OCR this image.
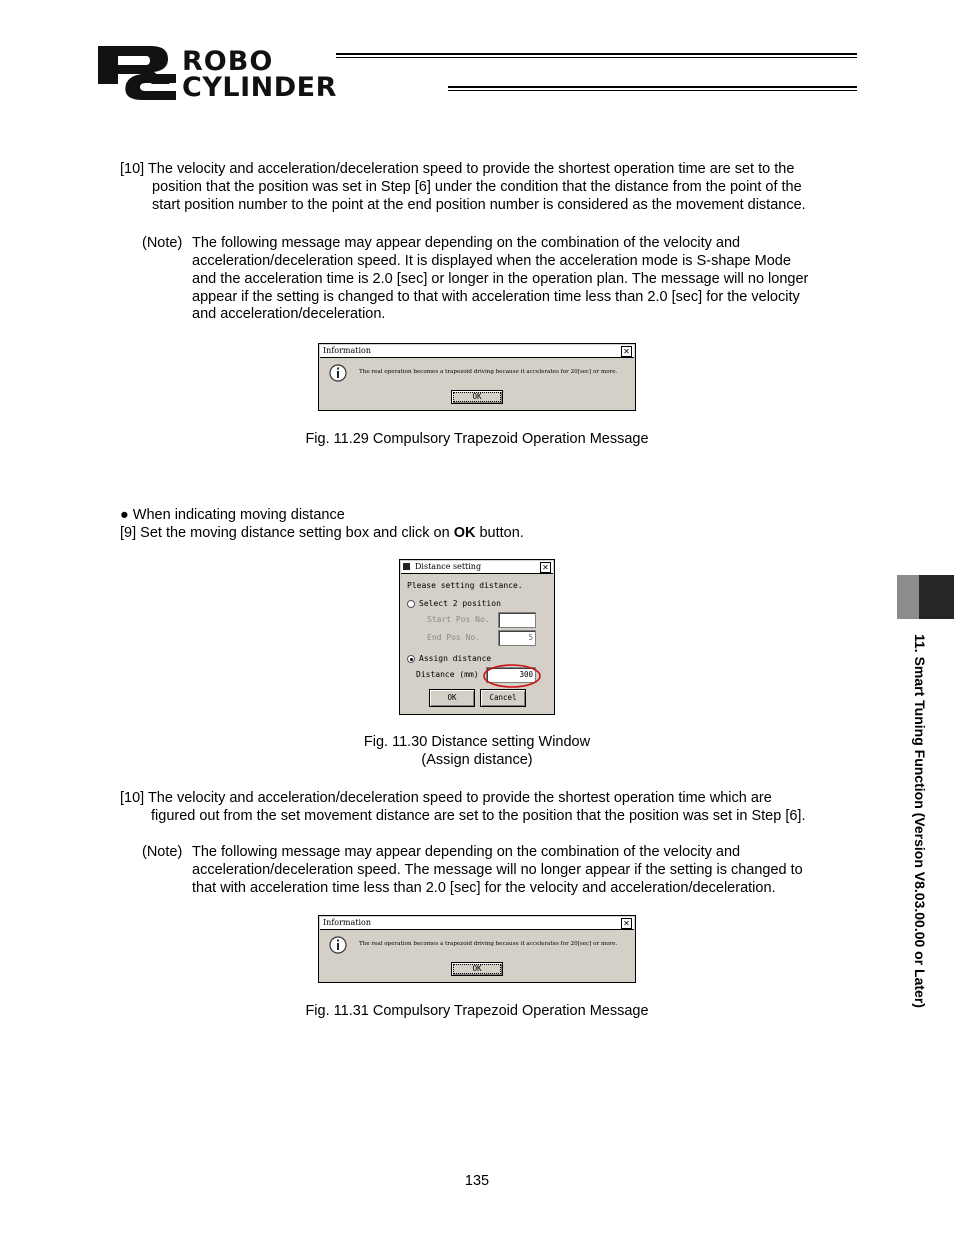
ROBO
CYLINDER
[10] The velocity and acceleration/deceleration speed to provide the shortest operation time are set to the
position that the position was set in Step [6] under the condition that the distance from the point of the
start position number to the point at the end position number is considered as the movement distance.
(Note) The following message may appear depending on the combination of the velocity and
acceleration/deceleration speed. It is displayed when the acceleration mode is S-shape Mode
and the acceleration time is 2.0 [sec] or longer in the operation plan. The message will no longer
appear if the setting is changed to that with acceleration time less than 2.0 [sec] for the velocity
and acceleration/deceleration.
Information	✕
The real operation becomes a trapezoid driving because it accelerates for 20[sec] or more.
OK
Fig. 11.29 Compulsory Trapezoid Operation Message
● When indicating moving distance
[9] Set the moving distance setting box and click on OK button.
Distance setting	✕
Please setting distance.
Select 2 position
Start Pos No.
End Pos No.	5
Assign distance
Distance (mm)	300
OK	Cancel
Fig. 11.30 Distance setting Window
(Assign distance)
[10] The velocity and acceleration/deceleration speed to provide the shortest operation time which are
figured out from the set movement distance are set to the position that the position was set in Step [6].
(Note) The following message may appear depending on the combination of the velocity and
acceleration/deceleration speed. The message will no longer appear if the setting is changed to
that with acceleration time less than 2.0 [sec] for the velocity and acceleration/deceleration.
Information	✕
The real operation becomes a trapezoid driving because it accelerates for 20[sec] or more.
OK
Fig. 11.31 Compulsory Trapezoid Operation Message
11. Smart Tuning Function (Version V8.03.00.00 or Later)
135
